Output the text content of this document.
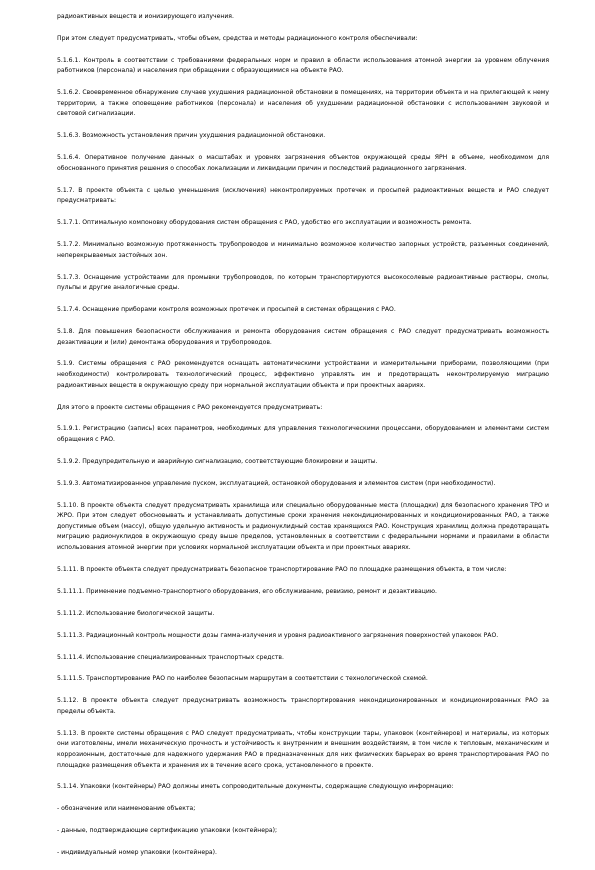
радиоактивных веществ и ионизирующего излучения.

При этом следует предусматривать, чтобы объем, средства и методы радиационного контроля обеспечивали:

5.1.6.1. Контроль в соответствии с требованиями федеральных норм и правил в области использования атомной энергии за уровнем облучения работников (персонала) и населения при обращении с образующимися на объекте РАО.

5.1.6.2. Своевременное обнаружение случаев ухудшения радиационной обстановки в помещениях, на территории объекта и на прилегающей к нему территории, а также оповещение работников (персонала) и населения об ухудшении радиационной обстановки с использованием звуковой и световой сигнализации.

5.1.6.3. Возможность установления причин ухудшения радиационной обстановки.

5.1.6.4. Оперативное получение данных о масштабах и уровнях загрязнения объектов окружающей среды ЯРН в объеме, необходимом для обоснованного принятия решения о способах локализации и ликвидации причин и последствий радиационного загрязнения.

5.1.7. В проекте объекта с целью уменьшения (исключения) неконтролируемых протечек и просыпей радиоактивных веществ и РАО следует предусматривать:

5.1.7.1. Оптимальную компоновку оборудования систем обращения с РАО, удобство его эксплуатации и возможность ремонта.

5.1.7.2. Минимально возможную протяженность трубопроводов и минимально возможное количество запорных устройств, разъемных соединений, неперекрываемых застойных зон.

5.1.7.3. Оснащение устройствами для промывки трубопроводов, по которым транспортируются высокосолевые радиоактивные растворы, смолы, пульпы и другие аналогичные среды.

5.1.7.4. Оснащение приборами контроля возможных протечек и просыпей в системах обращения с РАО.

5.1.8. Для повышения безопасности обслуживания и ремонта оборудования систем обращения с РАО следует предусматривать возможность дезактивации и (или) демонтажа оборудования и трубопроводов.

5.1.9. Системы обращения с РАО рекомендуется оснащать автоматическими устройствами и измерительными приборами, позволяющими (при необходимости) контролировать технологический процесс, эффективно управлять им и предотвращать неконтролируемую миграцию радиоактивных веществ в окружающую среду при нормальной эксплуатации объекта и при проектных авариях.

Для этого в проекте системы обращения с РАО рекомендуется предусматривать:

5.1.9.1. Регистрацию (запись) всех параметров, необходимых для управления технологическими процессами, оборудованием и элементами систем обращения с РАО.

5.1.9.2. Предупредительную и аварийную сигнализацию, соответствующие блокировки и защиты.

5.1.9.3. Автоматизированное управление пуском, эксплуатацией, остановкой оборудования и элементов систем (при необходимости).

5.1.10. В проекте объекта следует предусматривать хранилища или специально оборудованные места (площадки) для безопасного хранения ТРО и ЖРО. При этом следует обосновывать и устанавливать допустимые сроки хранения некондиционированных и кондиционированных РАО, а также допустимые объем (массу), общую удельную активность и радионуклидный состав хранящихся РАО. Конструкция хранилищ должна предотвращать миграцию радионуклидов в окружающую среду выше пределов, установленных в соответствии с федеральными нормами и правилами в области использования атомной энергии при условиях нормальной эксплуатации объекта и при проектных авариях.

5.1.11. В проекте объекта следует предусматривать безопасное транспортирование РАО по площадке размещения объекта, в том числе:

5.1.11.1. Применение подъемно-транспортного оборудования, его обслуживание, ревизию, ремонт и дезактивацию.

5.1.11.2. Использование биологической защиты.

5.1.11.3. Радиационный контроль мощности дозы гамма-излучения и уровня радиоактивного загрязнения поверхностей упаковок РАО.

5.1.11.4. Использование специализированных транспортных средств.

5.1.11.5. Транспортирование РАО по наиболее безопасным маршрутам в соответствии с технологической схемой.

5.1.12. В проекте объекта следует предусматривать возможность транспортирования некондиционированных и кондиционированных РАО за пределы объекта.

5.1.13. В проекте системы обращения с РАО следует предусматривать, чтобы конструкции тары, упаковок (контейнеров) и материалы, из которых они изготовлены, имели механическую прочность и устойчивость к внутренним и внешним воздействиям, в том числе к тепловым, механическим и коррозионным, достаточные для надежного удержания РАО в предназначенных для них физических барьерах во время транспортирования РАО по площадке размещения объекта и хранения их в течение всего срока, установленного в проекте.

5.1.14. Упаковки (контейнеры) РАО должны иметь сопроводительные документы, содержащие следующую информацию:

- обозначение или наименование объекта;

- данные, подтверждающие сертификацию упаковки (контейнера);

- индивидуальный номер упаковки (контейнера).
